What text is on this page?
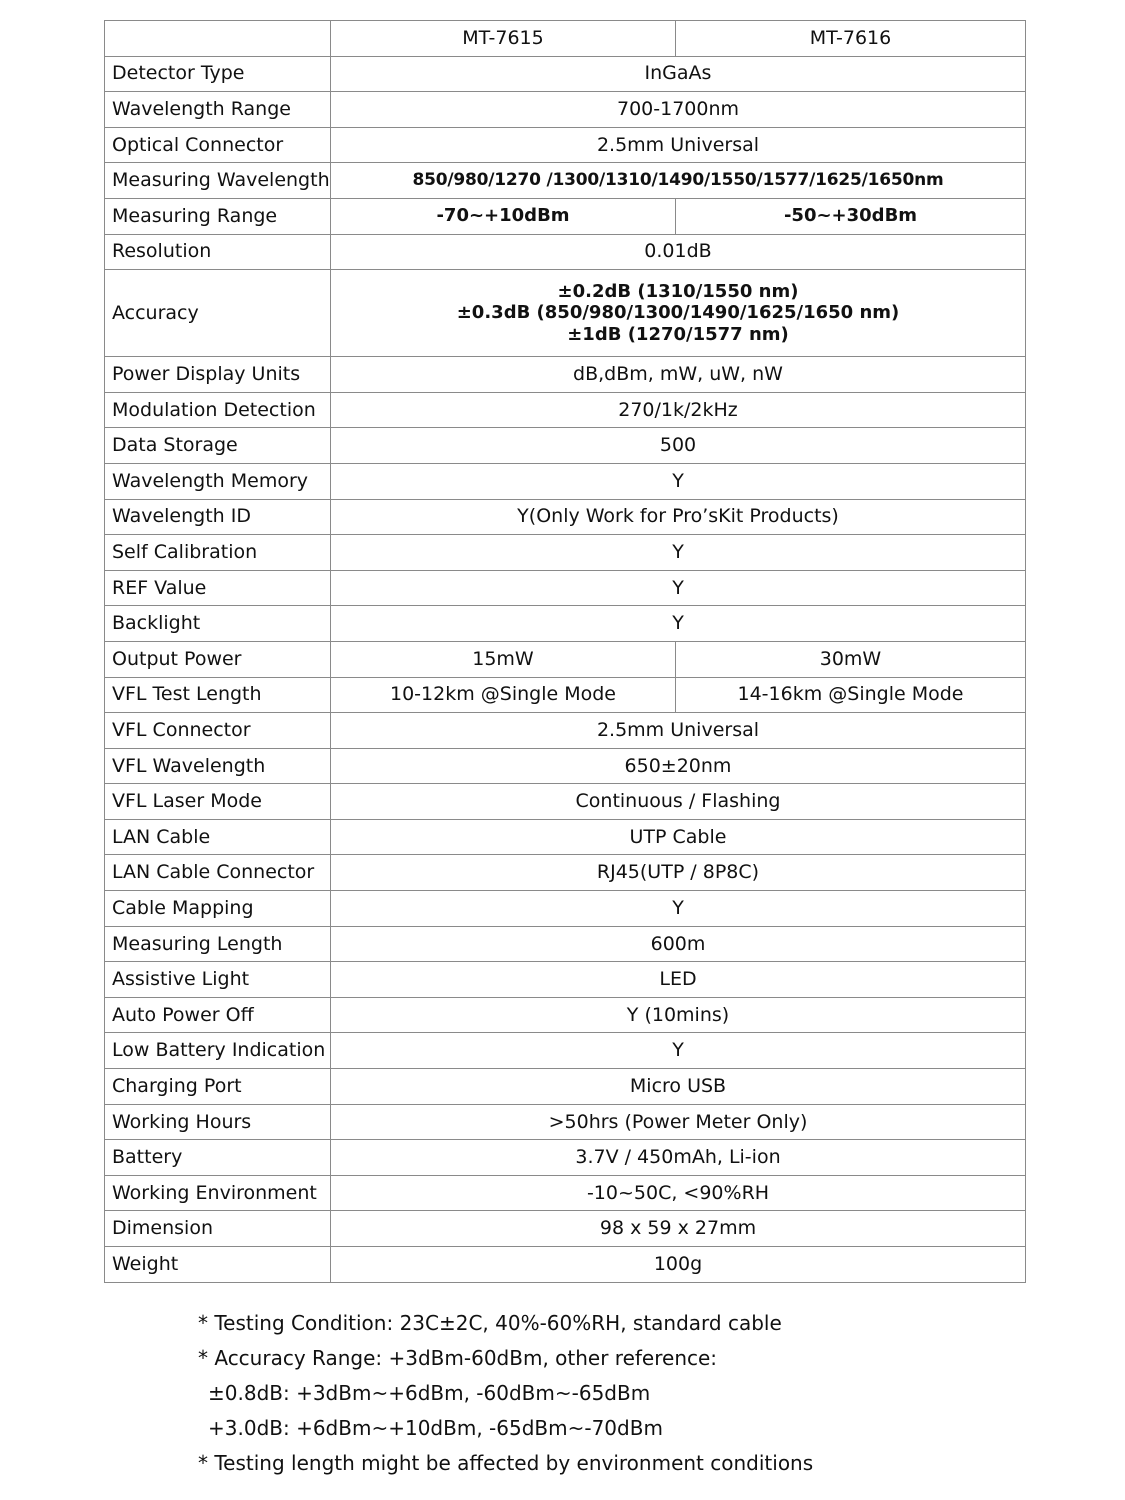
	MT-7615	MT-7616
Detector Type	InGaAs	
Wavelength Range	700-1700nm	
Optical Connector	2.5mm Universal	
Measuring Wavelength	850/980/1270 /1300/1310/1490/1550/1577/1625/1650nm	
Measuring Range	-70~+10dBm	-50~+30dBm
Resolution	0.01dB	
Accuracy	±0.2dB (1310/1550 nm)
±0.3dB (850/980/1300/1490/1625/1650 nm)
±1dB (1270/1577 nm)	

Power Display Units	dB,dBm, mW, uW, nW	
Modulation Detection	270/1k/2kHz	
Data Storage	500	
Wavelength Memory	Y	
Wavelength ID	Y(Only Work for Pro’sKit Products)	
Self Calibration	Y	
REF Value	Y	
Backlight	Y	
Output Power	15mW	30mW
VFL Test Length	10-12km @Single Mode	14-16km @Single Mode
VFL Connector	2.5mm Universal	
VFL Wavelength	650±20nm	
VFL Laser Mode	Continuous / Flashing	
LAN Cable	UTP Cable	
LAN Cable Connector	RJ45(UTP / 8P8C)	
Cable Mapping	Y	
Measuring Length	600m	
Assistive Light	LED	
Auto Power Off	Y (10mins)	
Low Battery Indication	Y	
Charging Port	Micro USB	
Working Hours	>50hrs (Power Meter Only)	
Battery	3.7V / 450mAh, Li-ion	
Working Environment	-10~50C, <90%RH	
Dimension	98 x 59 x 27mm	
Weight	100g	
* Testing Condition: 23C±2C, 40%-60%RH, standard cable
* Accuracy Range: +3dBm-60dBm, other reference:
±0.8dB: +3dBm~+6dBm, -60dBm~-65dBm
+3.0dB: +6dBm~+10dBm, -65dBm~-70dBm
* Testing length might be affected by environment conditions
